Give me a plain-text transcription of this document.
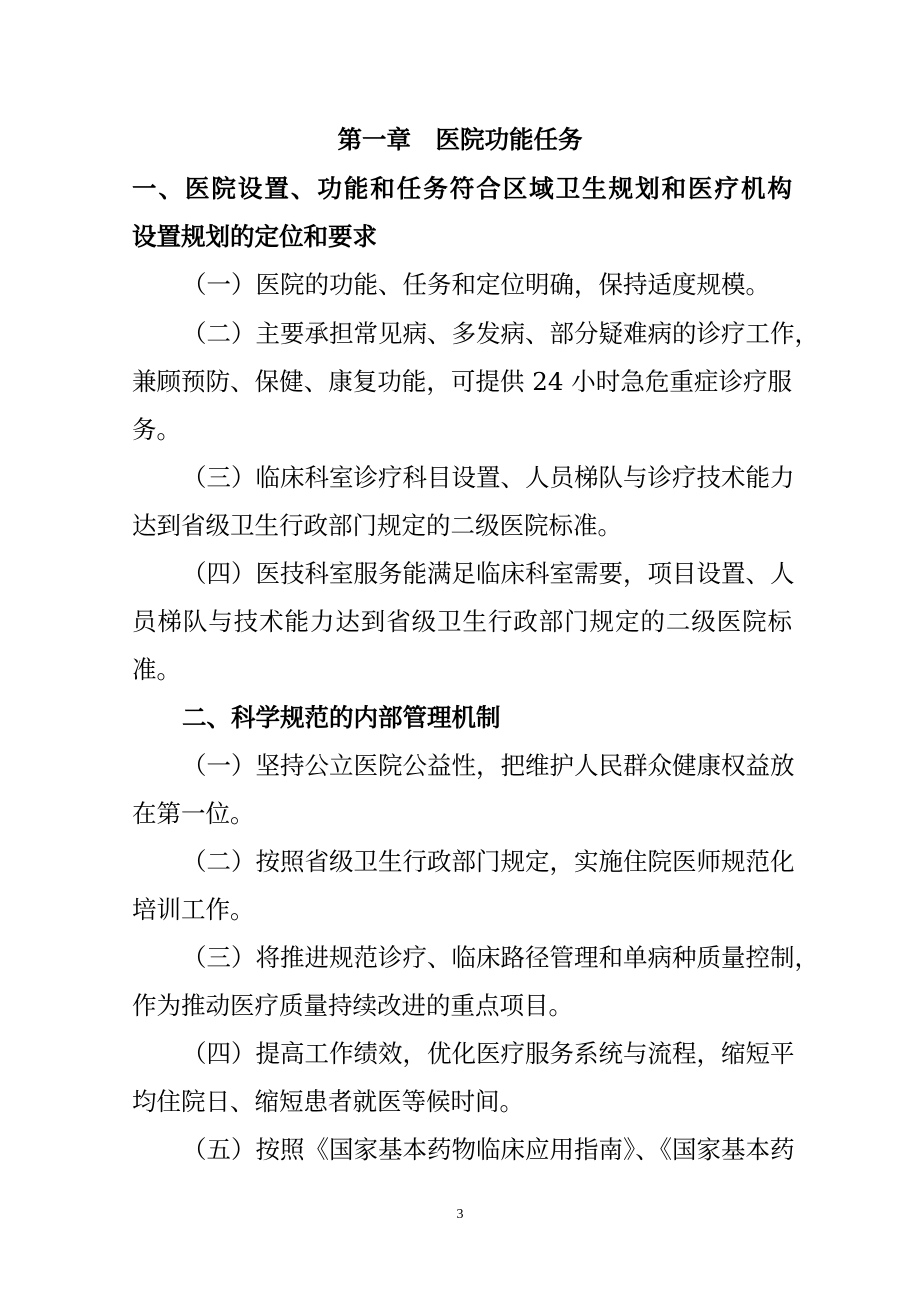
第一章　医院功能任务
一、医院设置、功能和任务符合区域卫生规划和医疗机构
设置规划的定位和要求
（一）医院的功能、任务和定位明确，保持适度规模。
（二）主要承担常见病、多发病、部分疑难病的诊疗工作，
兼顾预防、保健、康复功能，可提供 24 小时急危重症诊疗服
务。
（三）临床科室诊疗科目设置、人员梯队与诊疗技术能力
达到省级卫生行政部门规定的二级医院标准。
（四）医技科室服务能满足临床科室需要，项目设置、人
员梯队与技术能力达到省级卫生行政部门规定的二级医院标
准。
二、科学规范的内部管理机制
（一）坚持公立医院公益性，把维护人民群众健康权益放
在第一位。
（二）按照省级卫生行政部门规定，实施住院医师规范化
培训工作。
（三）将推进规范诊疗、临床路径管理和单病种质量控制，
作为推动医疗质量持续改进的重点项目。
（四）提高工作绩效，优化医疗服务系统与流程，缩短平
均住院日、缩短患者就医等候时间。
（五）按照《国家基本药物临床应用指南》、《国家基本药
3
